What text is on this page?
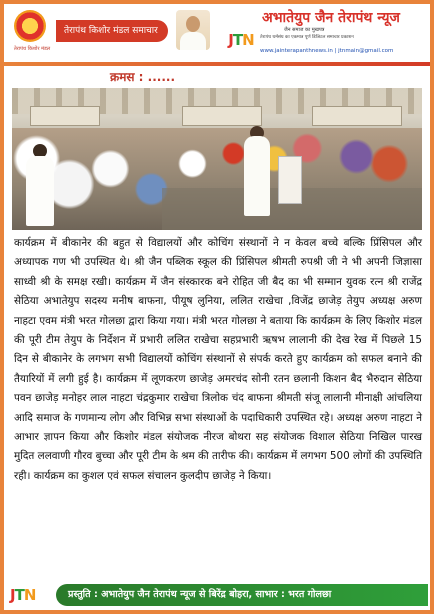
तेरापंथ किशोर मंडल
तेरापंथ किशोर मंडल समाचार	JTN
अभातेयुप जैन तेरापंथ न्यूज
जैन समाज का मुखपत्र
तेरापंथ धर्मसंघ का एकमात्र पूर्ण डिजिटल समाचार प्रकाशन
www.jainterapanthnews.in | jtnmain@gmail.com
क्रमस : ......
कार्यक्रम में बीकानेर की बहुत से विद्यालयों और कोचिंग संस्थानों ने न केवल बच्चे बल्कि प्रिंसिपल और अध्यापक गण भी उपस्थित थे। श्री जैन पब्लिक स्कूल की प्रिंसिपल श्रीमती रुपश्री जी ने भी अपनी जिज्ञासा साध्वी श्री के समक्ष रखी। कार्यक्रम में जैन संस्कारक बने रोहित जी बैद का भी सम्मान युवक रत्न श्री राजेंद्र सेठिया अभातेयुप सदस्य मनीष बाफना, पीयूष लुनिया, ललित राखेचा ,विजेंद्र छाजेड़ तेयुप अध्यक्ष अरुण नाहटा एवम मंत्री भरत गोलछा द्वारा किया गया। मंत्री भरत गोलछा ने बताया कि कार्यक्रम के लिए किशोर मंडल की पूरी टीम तेयुप के निर्देशन में प्रभारी ललित राखेचा सहप्रभारी ऋषभ लालानी की देख रेख में पिछले 15 दिन से बीकानेर के लगभग सभी विद्यालयों कोचिंग संस्थानों से संपर्क करते हुए कार्यक्रम को सफल बनाने की तैयारियों में लगी हुई है। कार्यक्रम में लूणकरण छाजेड़ अमरचंद सोनी रतन छलानी किशन बैद भैरुदान सेठिया पवन छाजेड़ मनोहर लाल नाहटा चंद्रकुमार राखेचा त्रिलोक चंद बाफना श्रीमती संजू लालानी मीनाक्षी आंचलिया आदि समाज के गणमान्य लोग और विभिन्न सभा संस्थाओं के पदाधिकारी उपस्थित रहे। अध्यक्ष अरुण नाहटा ने आभार ज्ञापन किया और किशोर मंडल संयोजक नीरज बोथरा सह संयोजक विशाल सेठिया निखिल पारख मुदित ललवाणी गौरव बुच्चा और पूरी टीम के श्रम की तारीफ की। कार्यक्रम में लगभग 500 लोगों की उपस्थिति रही। कार्यक्रम का कुशल एवं सफल संचालन कुलदीप छाजेड़ ने किया।
JTN	प्रस्तुति : अभातेयुप जैन तेरापंथ न्यूज से बिरेंद्र बोहरा, साभार : भरत गोलछा
